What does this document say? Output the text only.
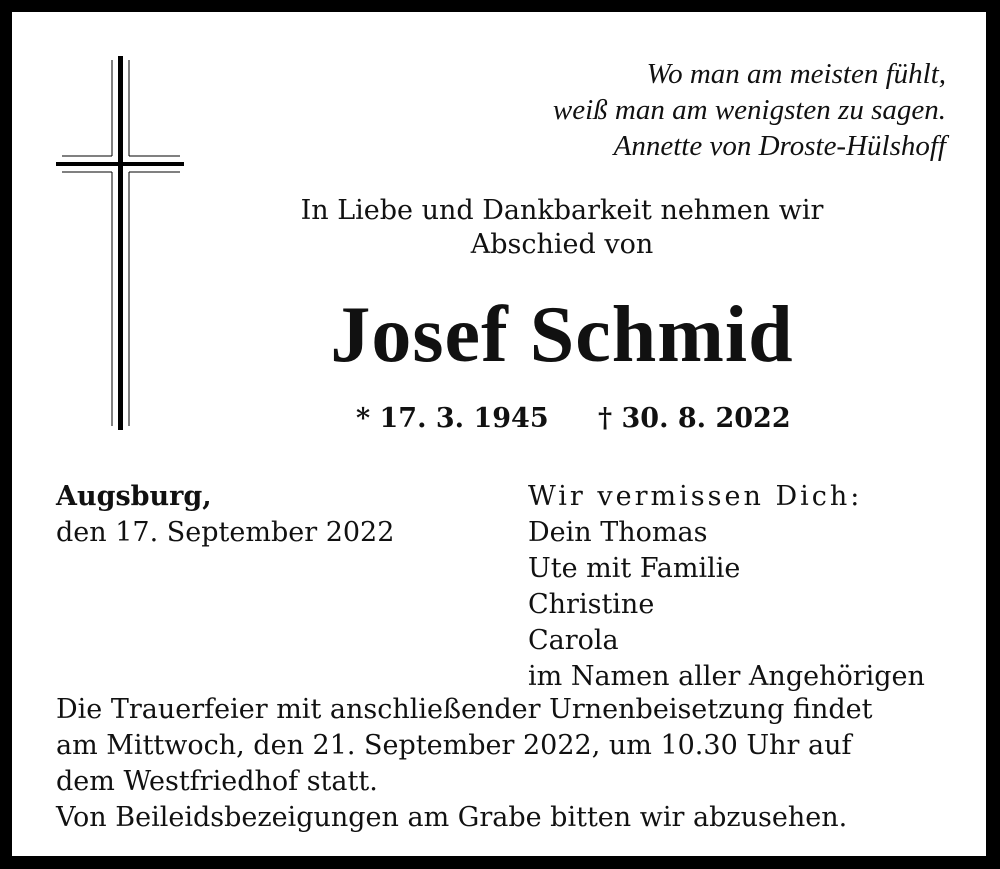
Wo man am meisten fühlt,
weiß man am wenigsten zu sagen.
Annette von Droste-Hülshoff
In Liebe und Dankbarkeit nehmen wir
Abschied von
Josef Schmid
* 17. 3. 1945 † 30. 8. 2022
Augsburg,
den 17. September 2022
Wir vermissen Dich:
Dein Thomas
Ute mit Familie
Christine
Carola
im Namen aller Angehörigen
Die Trauerfeier mit anschließender Urnenbeisetzung findet
am Mittwoch, den 21. September 2022, um 10.30 Uhr auf
dem Westfriedhof statt.
Von Beileidsbezeigungen am Grabe bitten wir abzusehen.
